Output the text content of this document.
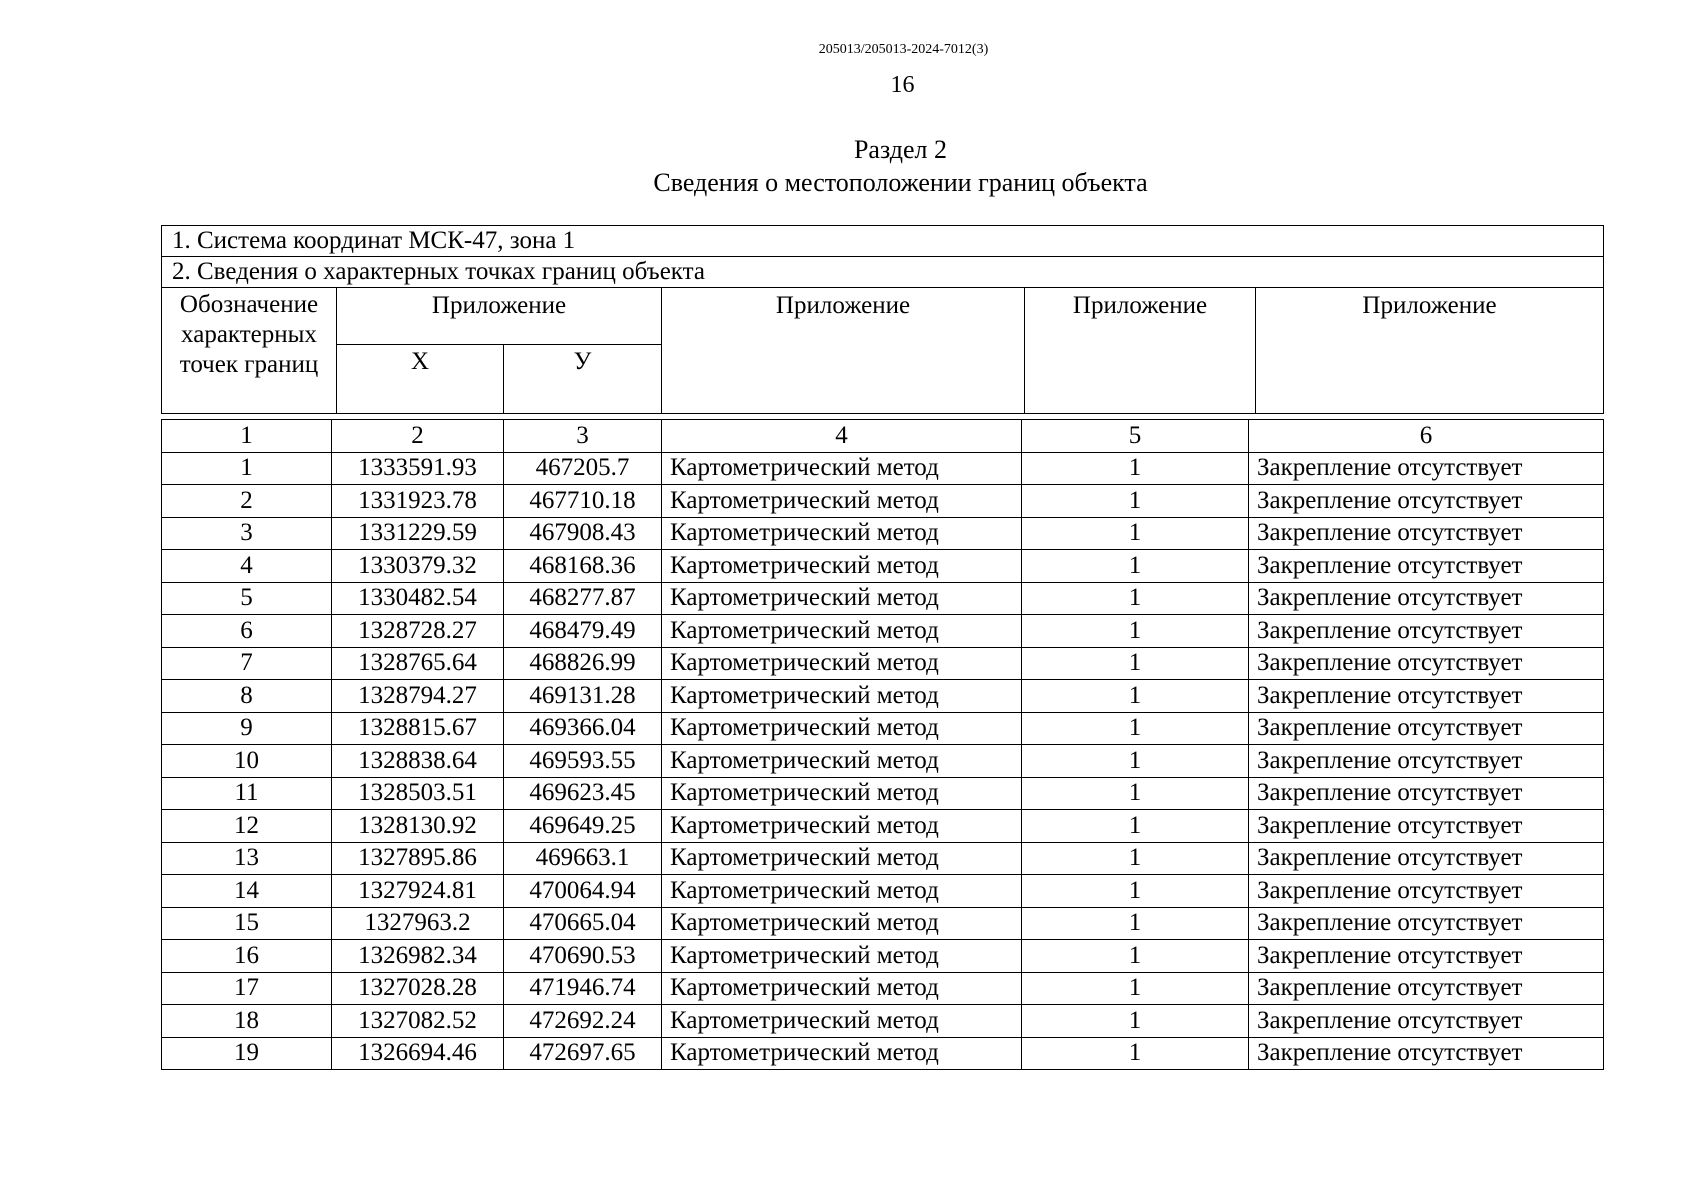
205013/205013-2024-7012(3)
16
Раздел 2
Сведения о местоположении границ объекта
1. Система координат МСК-47, зона 1					
2. Сведения о характерных точках границ объекта					
Обозначение характерных точек границ	Приложение		Приложение	Приложение	Приложение
	X	У			
1	2	3	4	5	6
1	1333591.93	467205.7	Картометрический метод	1	Закрепление отсутствует
2	1331923.78	467710.18	Картометрический метод	1	Закрепление отсутствует
3	1331229.59	467908.43	Картометрический метод	1	Закрепление отсутствует
4	1330379.32	468168.36	Картометрический метод	1	Закрепление отсутствует
5	1330482.54	468277.87	Картометрический метод	1	Закрепление отсутствует
6	1328728.27	468479.49	Картометрический метод	1	Закрепление отсутствует
7	1328765.64	468826.99	Картометрический метод	1	Закрепление отсутствует
8	1328794.27	469131.28	Картометрический метод	1	Закрепление отсутствует
9	1328815.67	469366.04	Картометрический метод	1	Закрепление отсутствует
10	1328838.64	469593.55	Картометрический метод	1	Закрепление отсутствует
11	1328503.51	469623.45	Картометрический метод	1	Закрепление отсутствует
12	1328130.92	469649.25	Картометрический метод	1	Закрепление отсутствует
13	1327895.86	469663.1	Картометрический метод	1	Закрепление отсутствует
14	1327924.81	470064.94	Картометрический метод	1	Закрепление отсутствует
15	1327963.2	470665.04	Картометрический метод	1	Закрепление отсутствует
16	1326982.34	470690.53	Картометрический метод	1	Закрепление отсутствует
17	1327028.28	471946.74	Картометрический метод	1	Закрепление отсутствует
18	1327082.52	472692.24	Картометрический метод	1	Закрепление отсутствует
19	1326694.46	472697.65	Картометрический метод	1	Закрепление отсутствует
